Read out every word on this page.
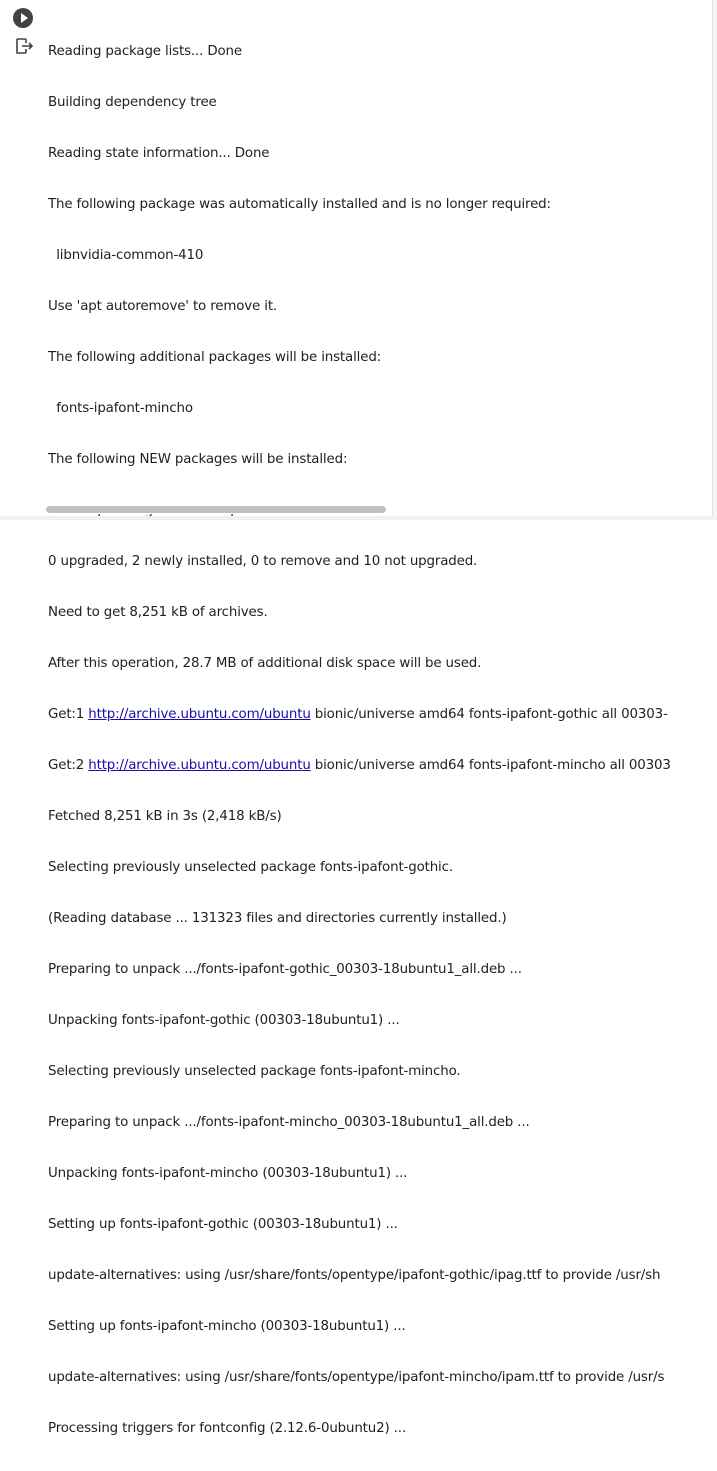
Reading package lists... Done

Building dependency tree

Reading state information... Done

The following package was automatically installed and is no longer required:

libnvidia-common-410

Use 'apt autoremove' to remove it.

The following additional packages will be installed:

fonts-ipafont-mincho

The following NEW packages will be installed:

0 upgraded, 2 newly installed, 0 to remove and 10 not upgraded.

Need to get 8,251 kB of archives.

After this operation, 28.7 MB of additional disk space will be used.

Get:1 http://archive.ubuntu.com/ubuntu bionic/universe amd64 fonts-ipafont-gothic all 00303-

Get:2 http://archive.ubuntu.com/ubuntu bionic/universe amd64 fonts-ipafont-mincho all 00303

Fetched 8,251 kB in 3s (2,418 kB/s)

Selecting previously unselected package fonts-ipafont-gothic.

(Reading database ... 131323 files and directories currently installed.)

Preparing to unpack .../fonts-ipafont-gothic_00303-18ubuntu1_all.deb ...

Unpacking fonts-ipafont-gothic (00303-18ubuntu1) ...

Selecting previously unselected package fonts-ipafont-mincho.

Preparing to unpack .../fonts-ipafont-mincho_00303-18ubuntu1_all.deb ...

Unpacking fonts-ipafont-mincho (00303-18ubuntu1) ...

Setting up fonts-ipafont-gothic (00303-18ubuntu1) ...

update-alternatives: using /usr/share/fonts/opentype/ipafont-gothic/ipag.ttf to provide /usr/sh

Setting up fonts-ipafont-mincho (00303-18ubuntu1) ...

update-alternatives: using /usr/share/fonts/opentype/ipafont-mincho/ipam.ttf to provide /usr/s

Processing triggers for fontconfig (2.12.6-0ubuntu2) ...
